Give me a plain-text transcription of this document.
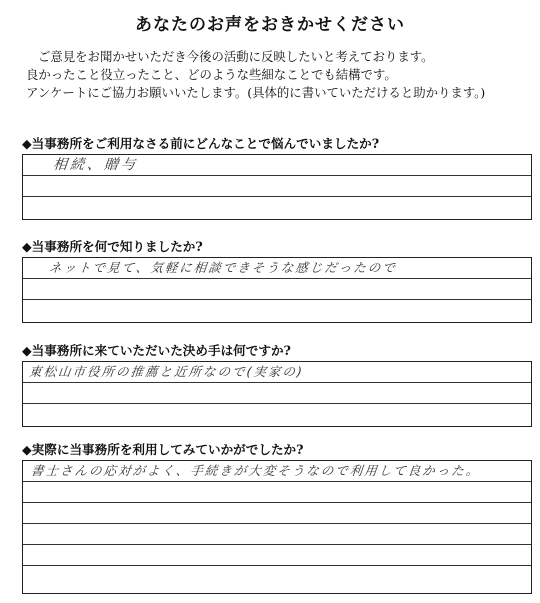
あなたのお声をおきかせください
ご意見をお聞かせいただき今後の活動に反映したいと考えております。
良かったこと役立ったこと、どのような些細なことでも結構です。
アンケートにご協力お願いいたします。(具体的に書いていただけると助かります。)
◆当事務所をご利用なさる前にどんなことで悩んでいましたか?
相続、贈与
◆当事務所を何で知りましたか?
ネットで見て、気軽に相談できそうな感じだったので
◆当事務所に来ていただいた決め手は何ですか?
東松山市役所の推薦と近所なので(実家の)
◆実際に当事務所を利用してみていかがでしたか?
書士さんの応対がよく、手続きが大変そうなので利用して良かった。
